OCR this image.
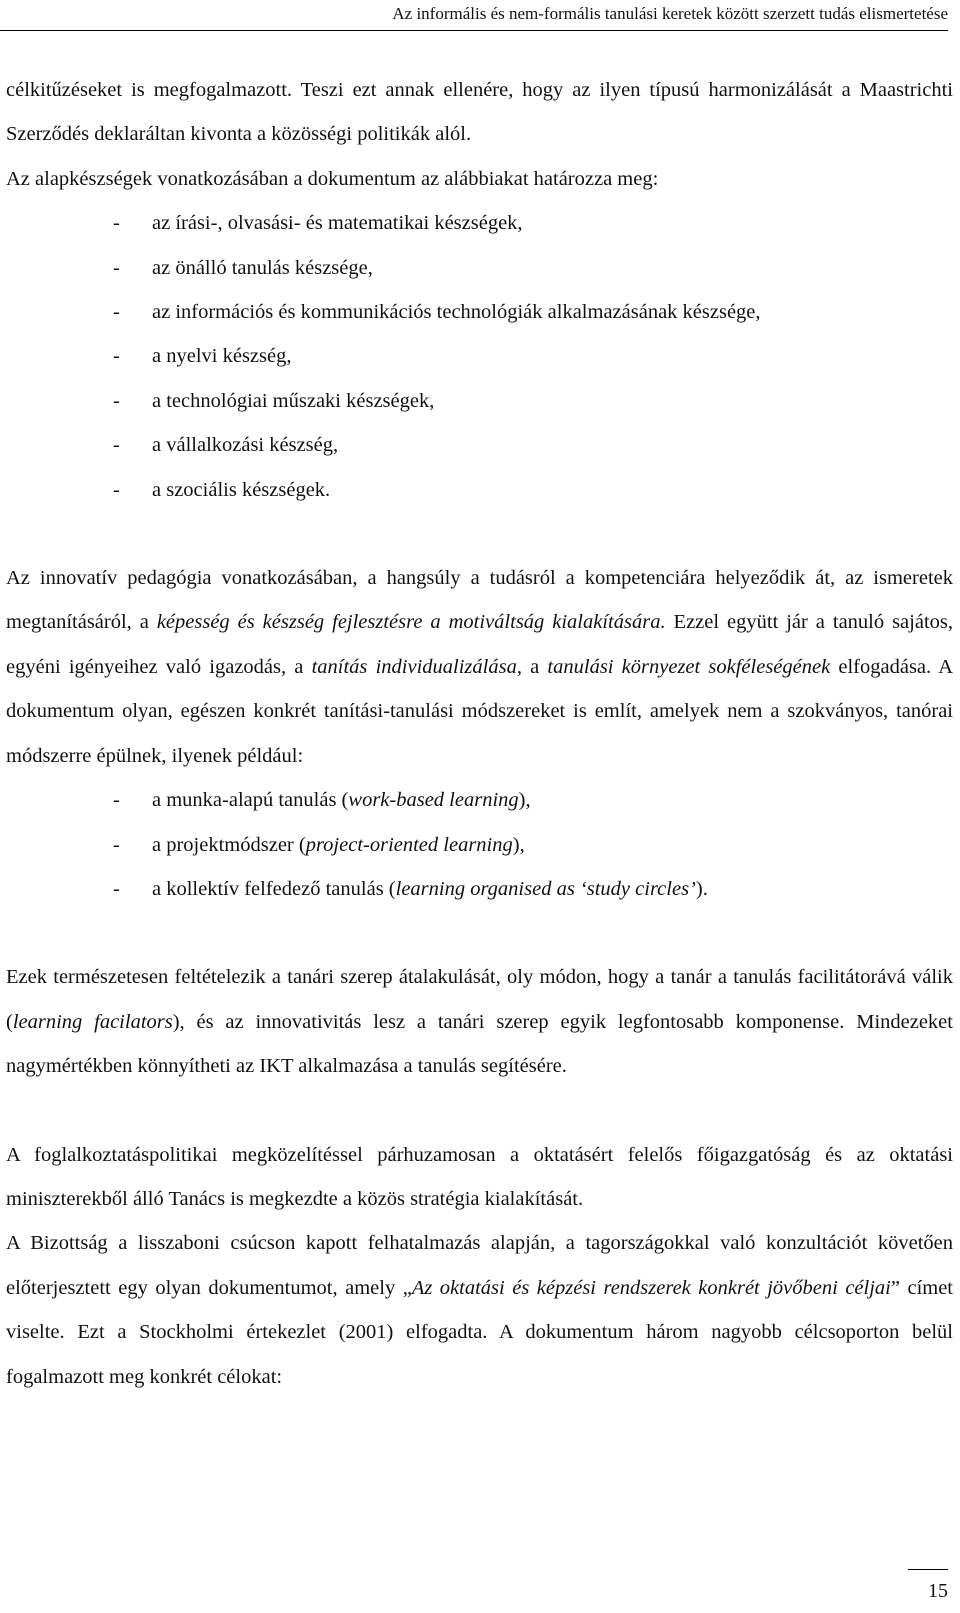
Az informális és nem-formális tanulási keretek között szerzett tudás elismertetése

célkitűzéseket is megfogalmazott. Teszi ezt annak ellenére, hogy az ilyen típusú harmonizálását a Maastrichti Szerződés deklaráltan kivonta a közösségi politikák alól.
Az alapkészségek vonatkozásában a dokumentum az alábbiakat határozza meg:

- az írási-, olvasási- és matematikai készségek,
- az önálló tanulás készsége,
- az információs és kommunikációs technológiák alkalmazásának készsége,
- a nyelvi készség,
- a technológiai műszaki készségek,
- a vállalkozási készség,
- a szociális készségek.

Az innovatív pedagógia vonatkozásában, a hangsúly a tudásról a kompetenciára helyeződik át, az ismeretek megtanításáról, a képesség és készség fejlesztésre a motiváltság kialakítására. Ezzel együtt jár a tanuló sajátos, egyéni igényeihez való igazodás, a tanítás individualizálása, a tanulási környezet sokféleségének elfogadása. A dokumentum olyan, egészen konkrét tanítási-tanulási módszereket is említ, amelyek nem a szokványos, tanórai módszerre épülnek, ilyenek például:

- a munka-alapú tanulás (work-based learning),
- a projektmódszer (project-oriented learning),
- a kollektív felfedező tanulás (learning organised as ‘study circles’).

Ezek természetesen feltételezik a tanári szerep átalakulását, oly módon, hogy a tanár a tanulás facilitátorává válik (learning facilators), és az innovativitás lesz a tanári szerep egyik legfontosabb komponense. Mindezeket nagymértékben könnyítheti az IKT alkalmazása a tanulás segítésére.

A foglalkoztatáspolitikai megközelítéssel párhuzamosan a oktatásért felelős főigazgatóság és az oktatási miniszterekből álló Tanács is megkezdte a közös stratégia kialakítását.

A Bizottság a lisszaboni csúcson kapott felhatalmazás alapján, a tagországokkal való konzultációt követően előterjesztett egy olyan dokumentumot, amely „Az oktatási és képzési rendszerek konkrét jövőbeni céljai” címet viselte. Ezt a Stockholmi értekezlet (2001) elfogadta. A dokumentum három nagyobb célcsoporton belül fogalmazott meg konkrét célokat:

15
